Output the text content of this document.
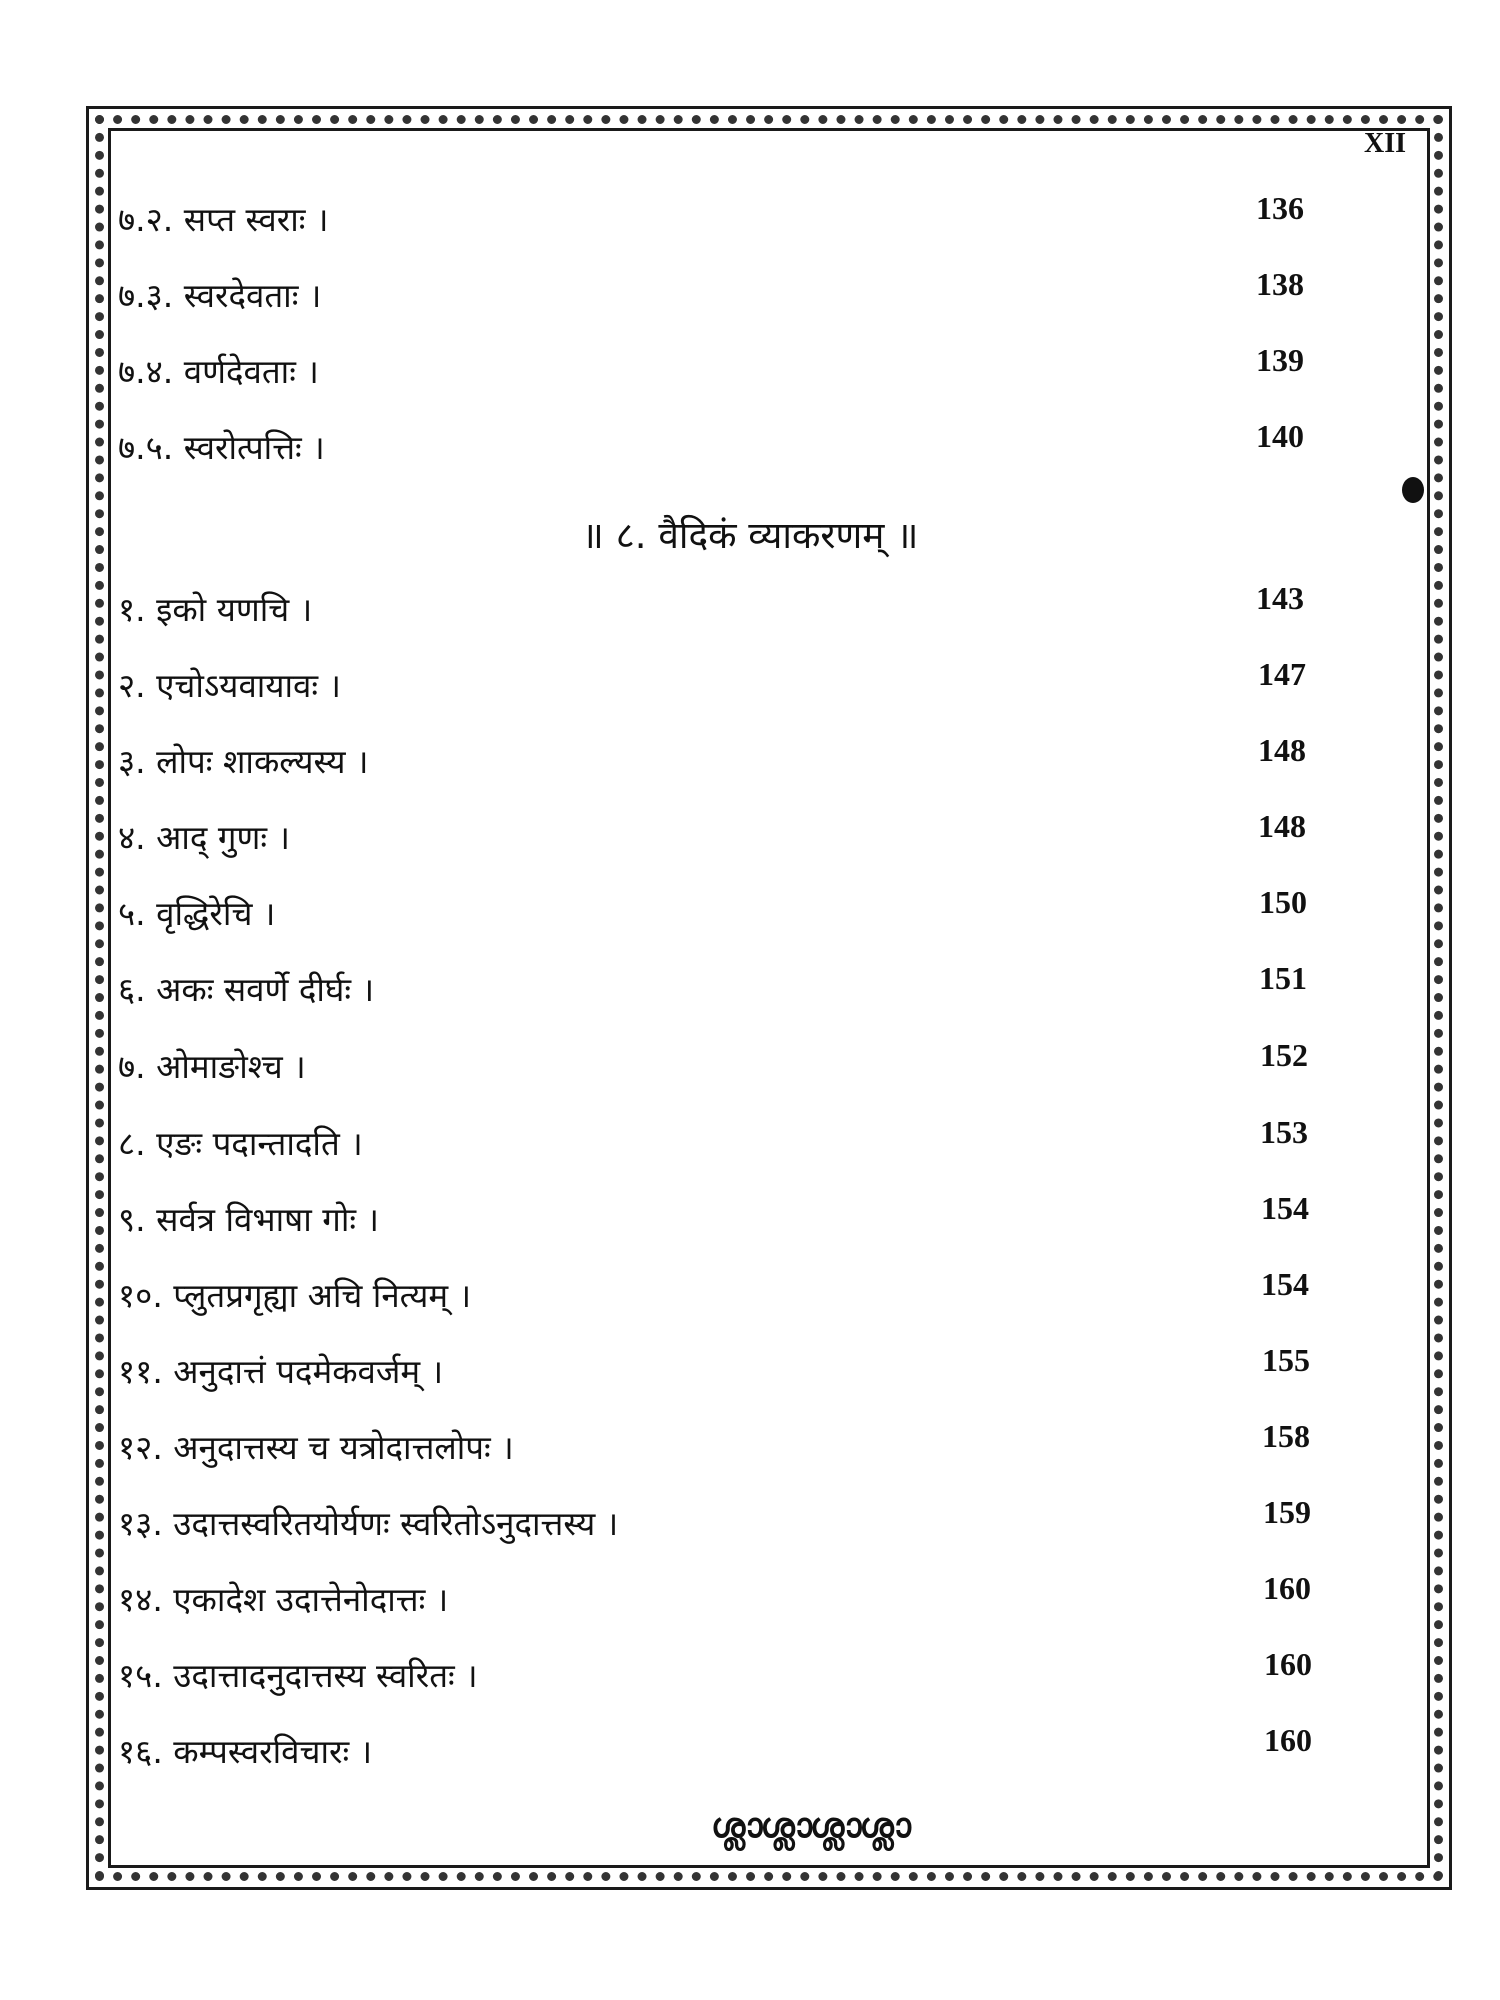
XII
७.२. सप्त स्वराः ।	136
७.३. स्वरदेवताः ।	138
७.४. वर्णदेवताः ।	139
७.५. स्वरोत्पत्तिः ।	140
॥ ८. वैदिकं व्याकरणम् ॥
१. इको यणचि ।	143
२. एचोऽयवायावः ।	147
३. लोपः शाकल्यस्य ।	148
४. आद् गुणः ।	148
५. वृद्धिरेचि ।	150
६. अकः सवर्णे दीर्घः ।	151
७. ओमाङोश्च ।	152
८. एङः पदान्तादति ।	153
९. सर्वत्र विभाषा गोः ।	154
१०. प्लुतप्रगृह्या अचि नित्यम् ।	154
११. अनुदात्तं पदमेकवर्जम् ।	155
१२. अनुदात्तस्य च यत्रोदात्तलोपः ।	158
१३. उदात्तस्वरितयोर्यणः स्वरितोऽनुदात्तस्य ।	159
१४. एकादेश उदात्तेनोदात्तः ।	160
१५. उदात्तादनुदात्तस्य स्वरितः ।	160
१६. कम्पस्वरविचारः ।	160
ശ്ലാശ്ലാശ്ലാശ്ലാ
